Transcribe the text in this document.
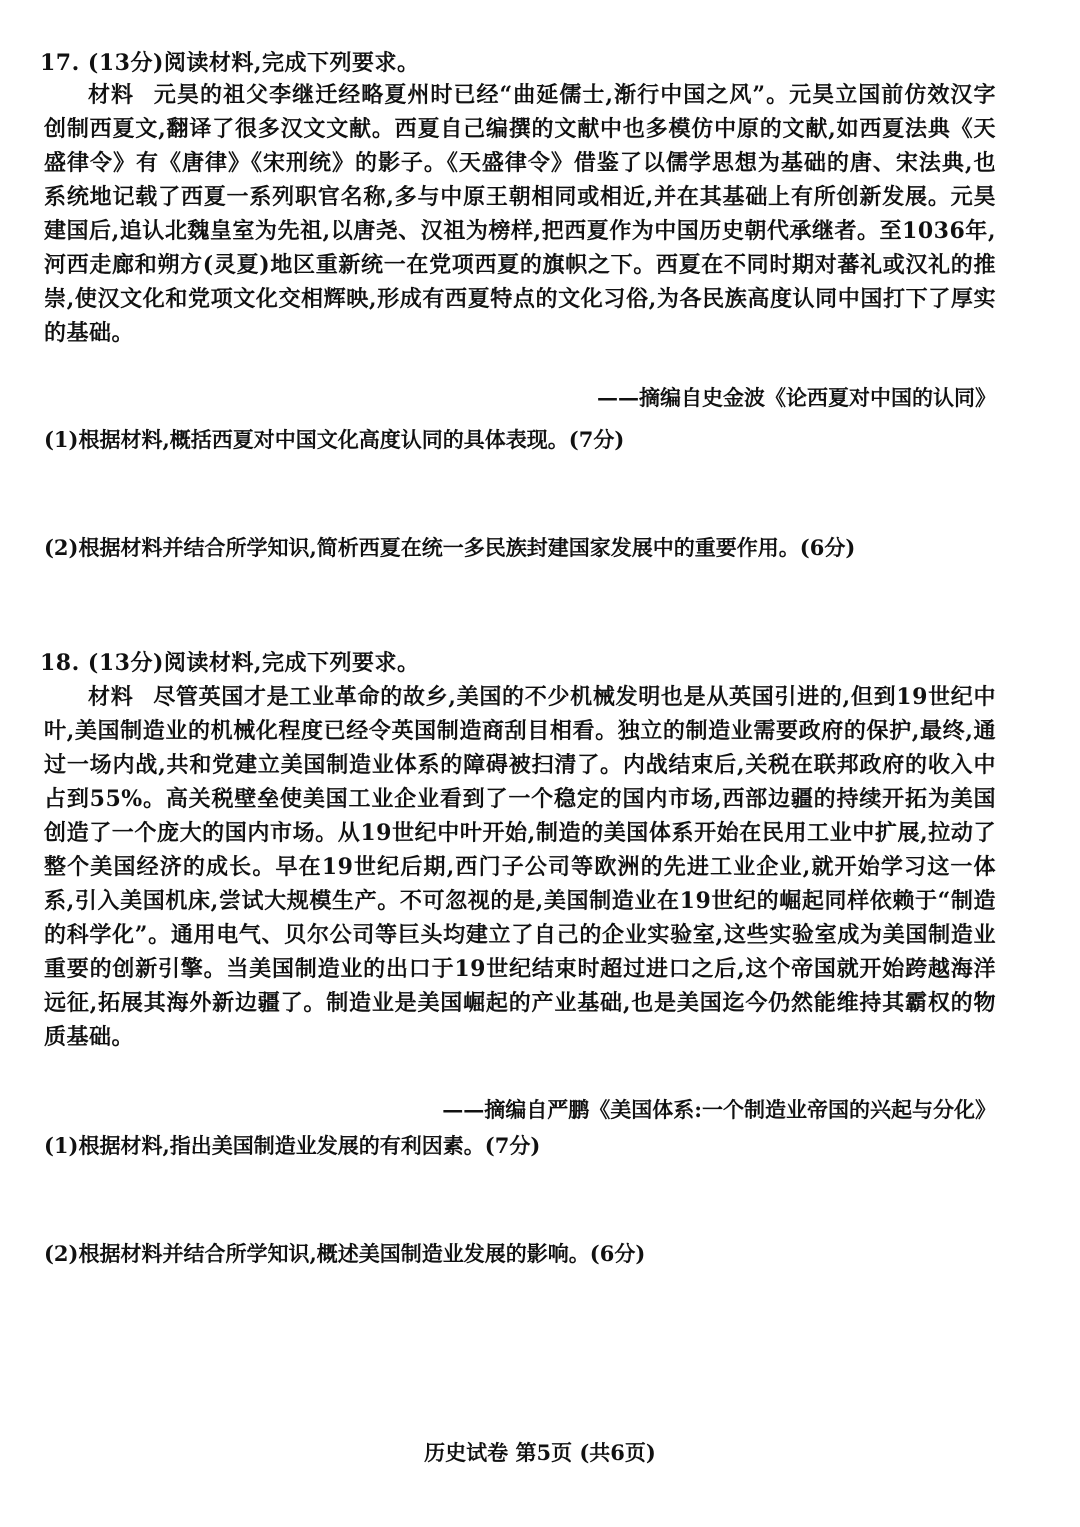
17. (13分)阅读材料,完成下列要求。
材料 元昊的祖父李继迁经略夏州时已经“曲延儒士,渐行中国之风”。元昊立国前仿效汉字创制西夏文,翻译了很多汉文文献。西夏自己编撰的文献中也多模仿中原的文献,如西夏法典《天盛律令》有《唐律》《宋刑统》的影子。《天盛律令》借鉴了以儒学思想为基础的唐、宋法典,也系统地记载了西夏一系列职官名称,多与中原王朝相同或相近,并在其基础上有所创新发展。元昊建国后,追认北魏皇室为先祖,以唐尧、汉祖为榜样,把西夏作为中国历史朝代承继者。至1036年,河西走廊和朔方(灵夏)地区重新统一在党项西夏的旗帜之下。西夏在不同时期对蕃礼或汉礼的推崇,使汉文化和党项文化交相辉映,形成有西夏特点的文化习俗,为各民族高度认同中国打下了厚实的基础。
——摘编自史金波《论西夏对中国的认同》
(1)根据材料,概括西夏对中国文化高度认同的具体表现。(7分)
(2)根据材料并结合所学知识,简析西夏在统一多民族封建国家发展中的重要作用。(6分)
18. (13分)阅读材料,完成下列要求。
材料 尽管英国才是工业革命的故乡,美国的不少机械发明也是从英国引进的,但到19世纪中叶,美国制造业的机械化程度已经令英国制造商刮目相看。独立的制造业需要政府的保护,最终,通过一场内战,共和党建立美国制造业体系的障碍被扫清了。内战结束后,关税在联邦政府的收入中占到55%。高关税壁垒使美国工业企业看到了一个稳定的国内市场,西部边疆的持续开拓为美国创造了一个庞大的国内市场。从19世纪中叶开始,制造的美国体系开始在民用工业中扩展,拉动了整个美国经济的成长。早在19世纪后期,西门子公司等欧洲的先进工业企业,就开始学习这一体系,引入美国机床,尝试大规模生产。不可忽视的是,美国制造业在19世纪的崛起同样依赖于“制造的科学化”。通用电气、贝尔公司等巨头均建立了自己的企业实验室,这些实验室成为美国制造业重要的创新引擎。当美国制造业的出口于19世纪结束时超过进口之后,这个帝国就开始跨越海洋远征,拓展其海外新边疆了。制造业是美国崛起的产业基础,也是美国迄今仍然能维持其霸权的物质基础。
——摘编自严鹏《美国体系:一个制造业帝国的兴起与分化》
(1)根据材料,指出美国制造业发展的有利因素。(7分)
(2)根据材料并结合所学知识,概述美国制造业发展的影响。(6分)
历史试卷 第5页 (共6页)
